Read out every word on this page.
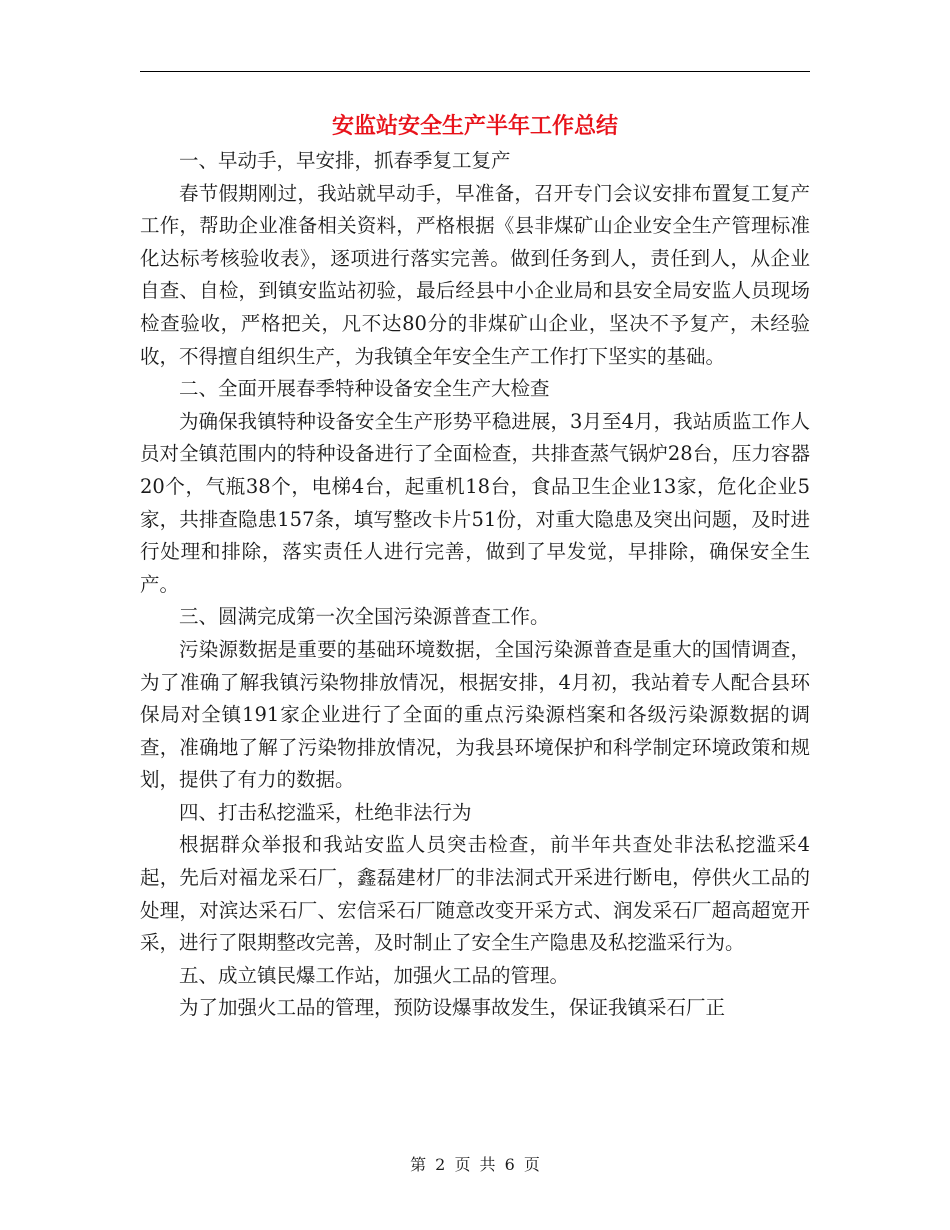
安监站安全生产半年工作总结

一、早动手，早安排，抓春季复工复产

春节假期刚过，我站就早动手，早准备，召开专门会议安排布置复工复产工作，帮助企业准备相关资料，严格根据《县非煤矿山企业安全生产管理标准化达标考核验收表》，逐项进行落实完善。做到任务到人，责任到人，从企业自查、自检，到镇安监站初验，最后经县中小企业局和县安全局安监人员现场检查验收，严格把关，凡不达80分的非煤矿山企业，坚决不予复产，未经验收，不得擅自组织生产，为我镇全年安全生产工作打下坚实的基础。

二、全面开展春季特种设备安全生产大检查

为确保我镇特种设备安全生产形势平稳进展，3月至4月，我站质监工作人员对全镇范围内的特种设备进行了全面检查，共排查蒸气锅炉28台，压力容器20个，气瓶38个，电梯4台，起重机18台，食品卫生企业13家，危化企业5家，共排查隐患157条，填写整改卡片51份，对重大隐患及突出问题，及时进行处理和排除，落实责任人进行完善，做到了早发觉，早排除，确保安全生产。

三、圆满完成第一次全国污染源普查工作。

污染源数据是重要的基础环境数据，全国污染源普查是重大的国情调查，为了准确了解我镇污染物排放情况，根据安排，4月初，我站着专人配合县环保局对全镇191家企业进行了全面的重点污染源档案和各级污染源数据的调查，准确地了解了污染物排放情况，为我县环境保护和科学制定环境政策和规划，提供了有力的数据。

四、打击私挖滥采，杜绝非法行为

根据群众举报和我站安监人员突击检查，前半年共查处非法私挖滥采4起，先后对福龙采石厂，鑫磊建材厂的非法洞式开采进行断电，停供火工品的处理，对滨达采石厂、宏信采石厂随意改变开采方式、润发采石厂超高超宽开采，进行了限期整改完善，及时制止了安全生产隐患及私挖滥采行为。

五、成立镇民爆工作站，加强火工品的管理。

为了加强火工品的管理，预防设爆事故发生，保证我镇采石厂正

第 2 页 共 6 页
